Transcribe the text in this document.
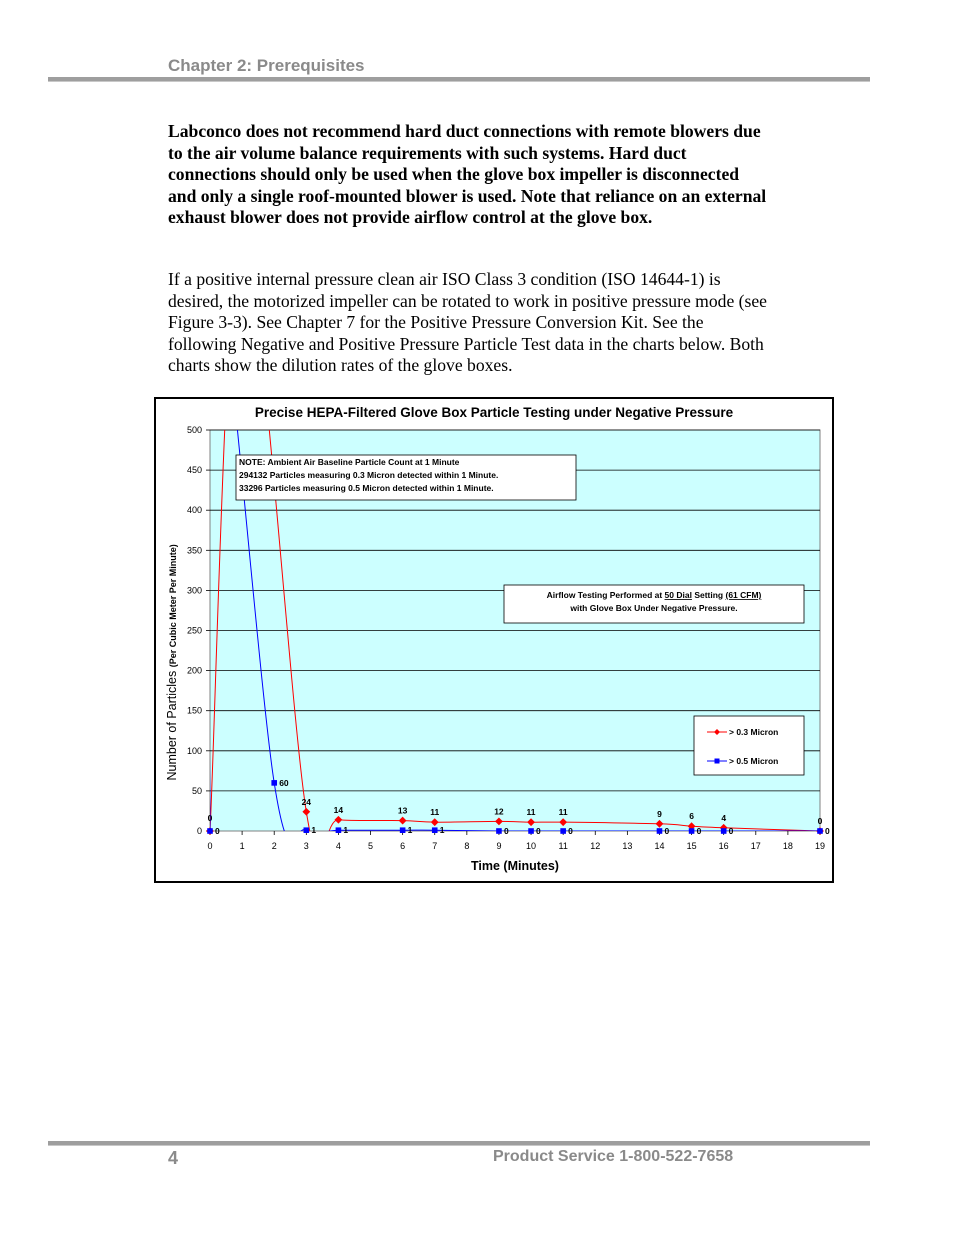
Chapter 2: Prerequisites

Labconco does not recommend hard duct connections with remote blowers due to the air volume balance requirements with such systems. Hard duct connections should only be used when the glove box impeller is disconnected and only a single roof-mounted blower is used. Note that reliance on an external exhaust blower does not provide airflow control at the glove box.

If a positive internal pressure clean air ISO Class 3 condition (ISO 14644-1) is desired, the motorized impeller can be rotated to work in positive pressure mode (see Figure 3-3). See Chapter 7 for the Positive Pressure Conversion Kit. See the following Negative and Positive Pressure Particle Test data in the charts below. Both charts show the dilution rates of the glove boxes.

Precise HEPA-Filtered Glove Box Particle Testing under Negative Pressure
0
50
100
150
200
250
300
350
400
450
500
0	1	2	3	4	5	6	7	8	9	10 11 12 13 14 15 16 17 18 19
Time (Minutes)
Number of Particles (Per Cubic Meter Per Minute)
0
24
14	13	11	12	11	11	9	6	4	0
0
60
1	1	1	1	0	0	0	0	0	0	0
NOTE: Ambient Air Baseline Particle Count at 1 Minute
294132 Particles measuring 0.3 Micron detected within 1 Minute.
33296 Particles measuring 0.5 Micron detected within 1 Minute.
Airflow Testing Performed at 50 Dial Setting (61 CFM)
with Glove Box Under Negative Pressure.
> 0.3 Micron
> 0.5 Micron
4	Product Service 1-800-522-7658
